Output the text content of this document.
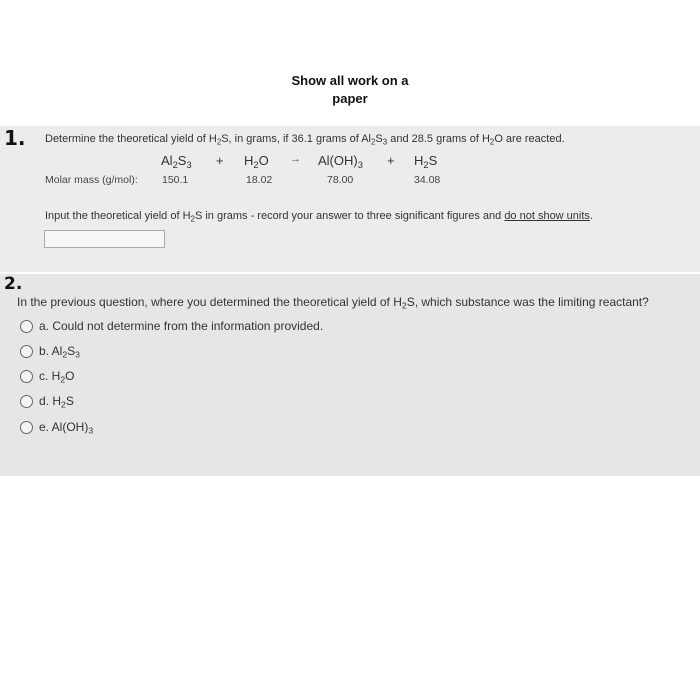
Show all work on a
paper
1. Determine the theoretical yield of $H_2S$, in grams, if 36.1 grams of $Al_2S_3$ and 28.5 grams of $H_2O$ are reacted.
$Al_2S_3 + H_2O \to Al(OH)_3 + H_2S$
Molar mass (g/mol): 150.1	18.02	78.00	34.08
Input the theoretical yield of $H_2S$ in grams - record your answer to three significant figures and do not show units.
2.
In the previous question, where you determined the theoretical yield of $H_2S$, which substance was the limiting reactant?
a. Could not determine from the information provided.
b. $Al_2S_3$
c. $H_2O$
d. $H_2S$
e. $Al(OH)_3$
